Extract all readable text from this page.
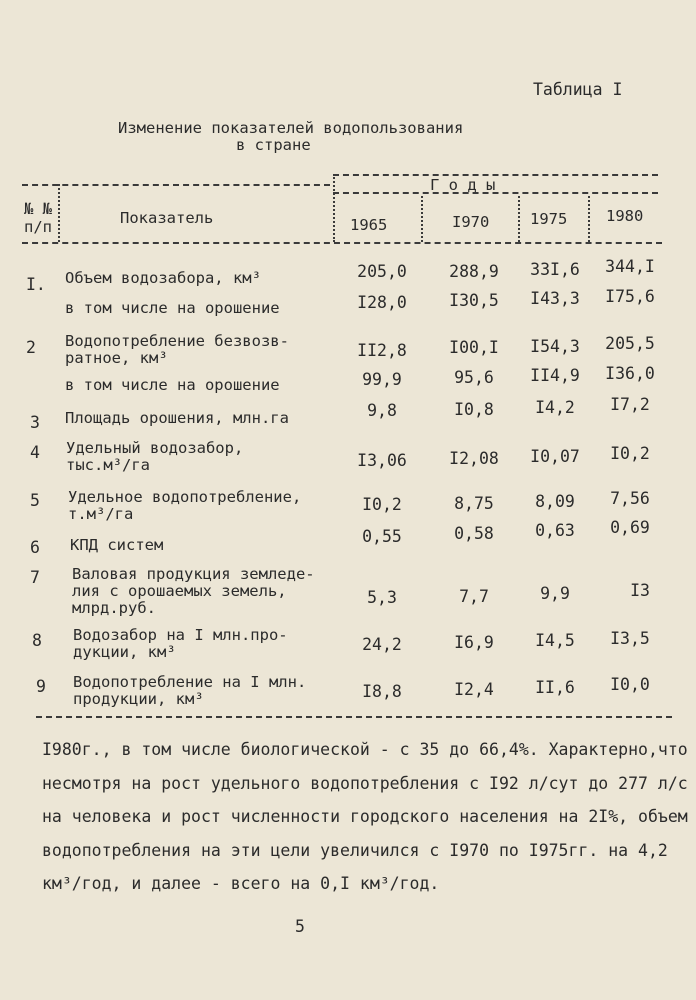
Таблица I
Изменение показателей водопользования
в стране
№ №
п/п	Показатель
Г о д ы
1965	I970	1975 1980
I. Объем водозабора, км³	205,0	288,9	33I,6	344,I
в том числе на орошение	I28,0	I30,5	I43,3	I75,6
2 Водопотребление безвозв-
ратное, км³	II2,8	I00,I	I54,3	205,5
в том числе на орошение	99,9	95,6	II4,9	I36,0
3 Площадь орошения, млн.га	9,8	I0,8	I4,2	I7,2
4 Удельный водозабор,
тыс.м³/га	I3,06	I2,08	I0,07	I0,2
5 Удельное водопотребление,
т.м³/га	I0,2	8,75	8,09	7,56
6 КПД систем	0,55	0,58	0,63	0,69
7 Валовая продукция земледе-
лия с орошаемых земель,
млрд.руб.
5,3	7,7	9,9	I3
8 Водозабор на I млн.про-
дукции, км³	24,2	I6,9	I4,5	I3,5
9 Водопотребление на I млн.
продукции, км³	I8,8	I2,4	II,6	I0,0
I980г., в том числе биологической - с 35 до 66,4%. Характерно,что
несмотря на рост удельного водопотребления с I92 л/сут до 277 л/с
на человека и рост численности городского населения на 2I%, объем
водопотребления на эти цели увеличился с I970 по I975гг. на 4,2
км³/год, и далее - всего на 0,I км³/год.
5
